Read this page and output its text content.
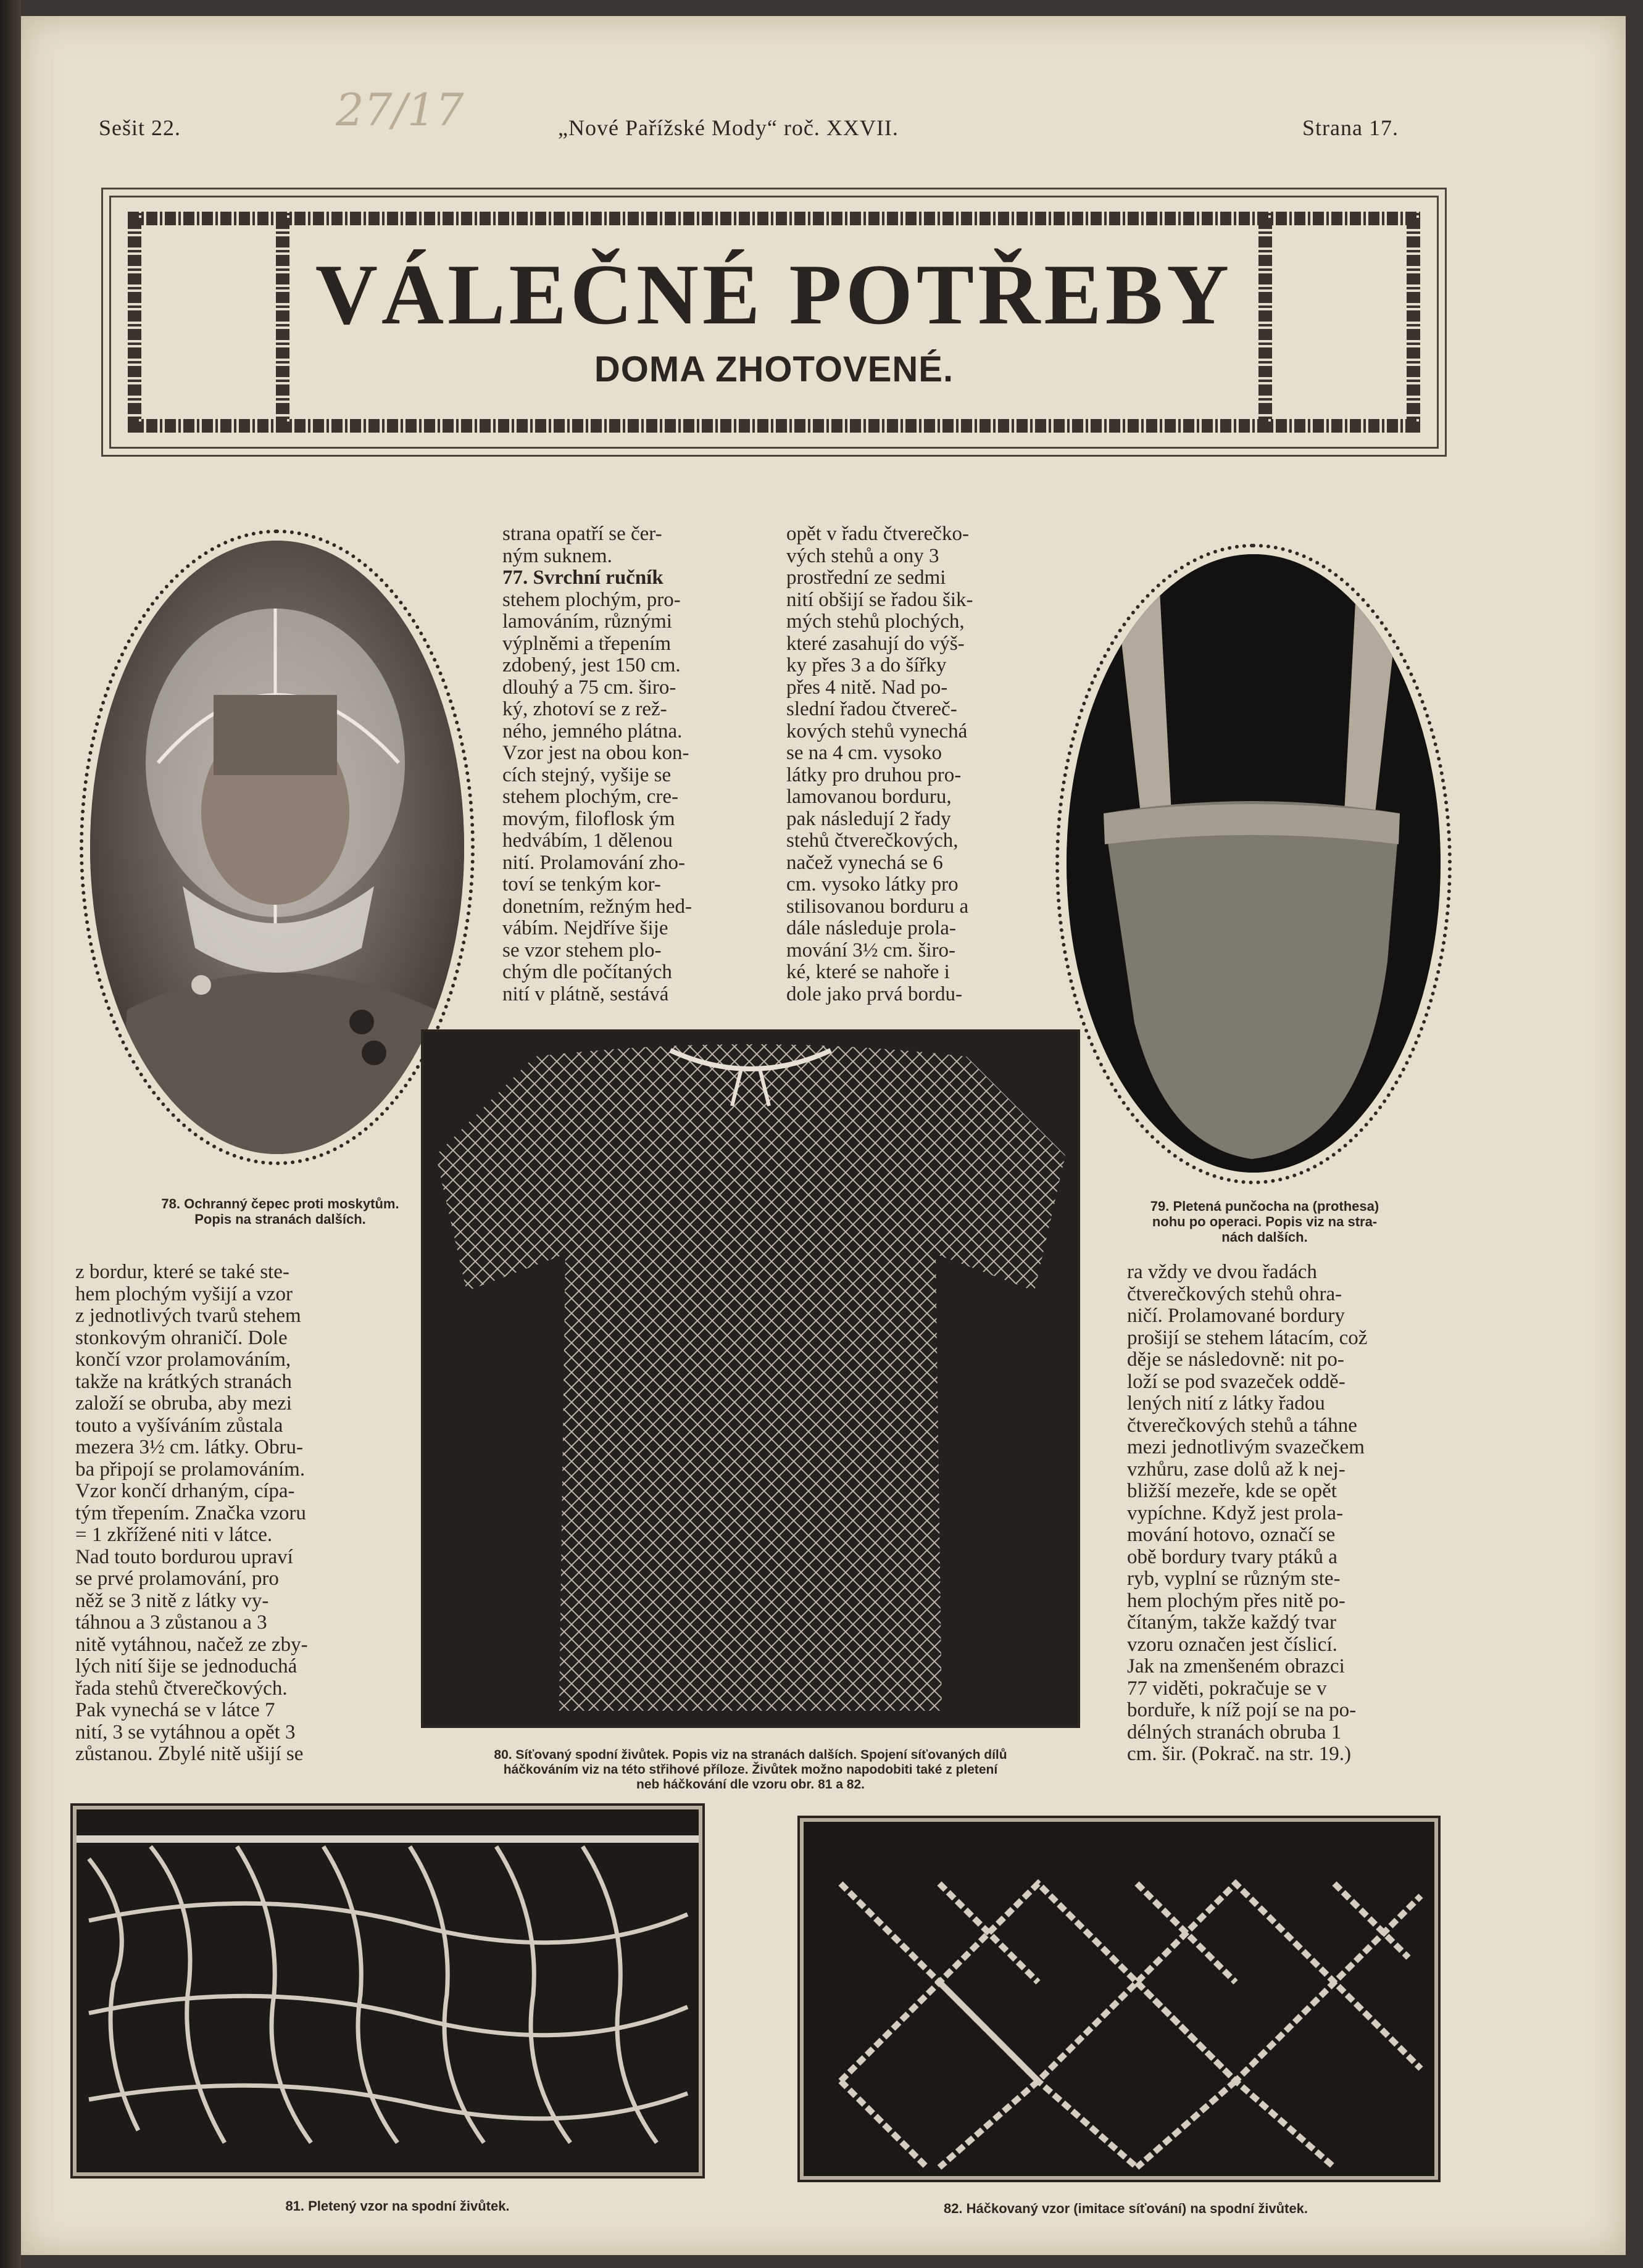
Sešit 22.	27/17	„Nové Pařížské Mody“ roč. XXVII.	Strana 17.
VÁLEČNÉ POTŘEBY
DOMA ZHOTOVENÉ.
78. Ochranný čepec proti moskytům.
Popis na stranách dalších.
79. Pletená punčocha na (prothesa)
nohu po operaci. Popis viz na stra-
nách dalších.

strana opatří se čer-

ným suknem.

77. Svrchní ručník

stehem plochým, pro-

lamováním, různými

výplněmi a třepením

zdobený, jest 150 cm.

dlouhý a 75 cm. širo-

ký, zhotoví se z rež-

ného, jemného plátna.

Vzor jest na obou kon-

cích stejný, vyšije se

stehem plochým, cre-

movým, filoflosk ým

hedvábím, 1 dělenou

nití. Prolamování zho-

toví se tenkým kor-

donetním, režným hed-

vábím. Nejdříve šije

se vzor stehem plo-

chým dle počítaných

nití v plátně, sestává

opět v řadu čtverečko-

vých stehů a ony 3

prostřední ze sedmi

nití obšijí se řadou šik-

mých stehů plochých,

které zasahují do výš-

ky přes 3 a do šířky

přes 4 nitě. Nad po-

slední řadou čtvereč-

kových stehů vynechá

se na 4 cm. vysoko

látky pro druhou pro-

lamovanou borduru,

pak následují 2 řady

stehů čtverečkových,

načež vynechá se 6

cm. vysoko látky pro

stilisovanou borduru a

dále následuje prola-

mování 3½ cm. širo-

ké, které se nahoře i

dole jako prvá bordu-

80. Síťovaný spodní živůtek. Popis viz na stranách dalších. Spojení síťovaných dílů
háčkováním viz na této střihové příloze. Živůtek možno napodobiti také z pletení
neb háčkování dle vzoru obr. 81 a 82.

z bordur, které se také ste-

hem plochým vyšijí a vzor

z jednotlivých tvarů stehem

stonkovým ohraničí. Dole

končí vzor prolamováním,

takže na krátkých stranách

založí se obruba, aby mezi

touto a vyšíváním zůstala

mezera 3½ cm. látky. Obru-

ba připojí se prolamováním.

Vzor končí drhaným, cípa-

tým třepením. Značka vzoru

= 1 zkřížené niti v látce.

Nad touto bordurou upraví

se prvé prolamování, pro

něž se 3 nitě z látky vy-

táhnou a 3 zůstanou a 3

nitě vytáhnou, načež ze zby-

lých nití šije se jednoduchá

řada stehů čtverečkových.

Pak vynechá se v látce 7

nití, 3 se vytáhnou a opět 3

zůstanou. Zbylé nitě ušijí se

ra vždy ve dvou řadách

čtverečkových stehů ohra-

ničí. Prolamované bordury

prošijí se stehem látacím, což

děje se následovně: nit po-

loží se pod svazeček oddě-

lených nití z látky řadou

čtverečkových stehů a táhne

mezi jednotlivým svazečkem

vzhůru, zase dolů až k nej-

bližší mezeře, kde se opět

vypíchne. Když jest prola-

mování hotovo, označí se

obě bordury tvary ptáků a

ryb, vyplní se různým ste-

hem plochým přes nitě po-

čítaným, takže každý tvar

vzoru označen jest číslicí.

Jak na zmenšeném obrazci

77 viděti, pokračuje se v

borduře, k níž pojí se na po-

délných stranách obruba 1

cm. šir. (Pokrač. na str. 19.)

81. Pletený vzor na spodní živůtek.	82. Háčkovaný vzor (imitace síťování) na spodní živůtek.
